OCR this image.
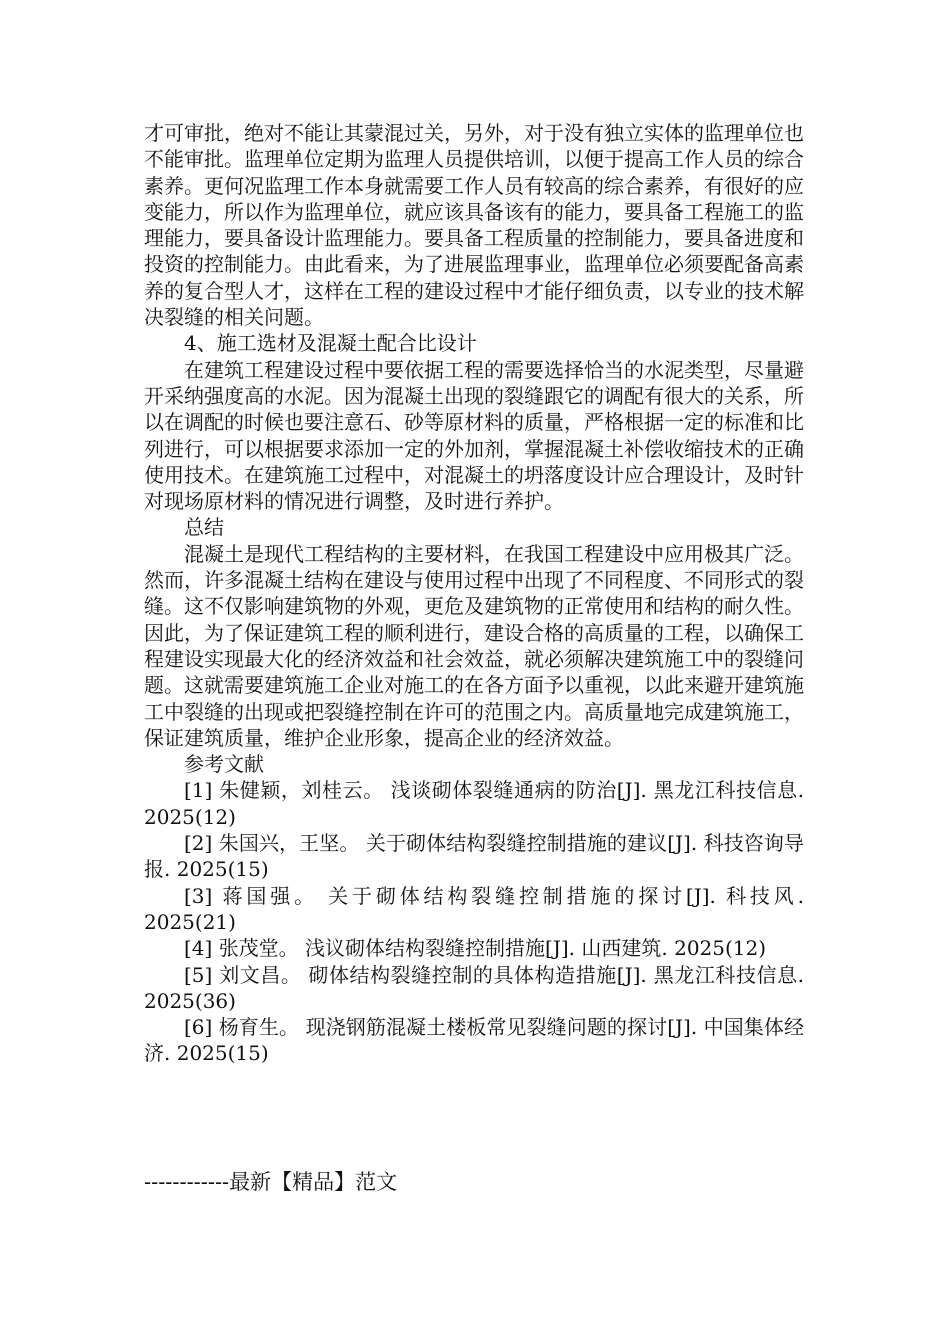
才可审批，绝对不能让其蒙混过关，另外，对于没有独立实体的监理单位也不能审批。监理单位定期为监理人员提供培训，以便于提高工作人员的综合素养。更何况监理工作本身就需要工作人员有较高的综合素养，有很好的应变能力，所以作为监理单位，就应该具备该有的能力，要具备工程施工的监理能力，要具备设计监理能力。要具备工程质量的控制能力，要具备进度和投资的控制能力。由此看来，为了进展监理事业，监理单位必须要配备高素养的复合型人才，这样在工程的建设过程中才能仔细负责，以专业的技术解决裂缝的相关问题。

4、施工选材及混凝土配合比设计

在建筑工程建设过程中要依据工程的需要选择恰当的水泥类型，尽量避开采纳强度高的水泥。因为混凝土出现的裂缝跟它的调配有很大的关系，所以在调配的时候也要注意石、砂等原材料的质量，严格根据一定的标准和比列进行，可以根据要求添加一定的外加剂，掌握混凝土补偿收缩技术的正确使用技术。在建筑施工过程中，对混凝土的坍落度设计应合理设计，及时针对现场原材料的情况进行调整，及时进行养护。

总结

混凝土是现代工程结构的主要材料，在我国工程建设中应用极其广泛。然而，许多混凝土结构在建设与使用过程中出现了不同程度、不同形式的裂缝。这不仅影响建筑物的外观，更危及建筑物的正常使用和结构的耐久性。因此，为了保证建筑工程的顺利进行，建设合格的高质量的工程，以确保工程建设实现最大化的经济效益和社会效益，就必须解决建筑施工中的裂缝问题。这就需要建筑施工企业对施工的在各方面予以重视，以此来避开建筑施工中裂缝的出现或把裂缝控制在许可的范围之内。高质量地完成建筑施工，保证建筑质量，维护企业形象，提高企业的经济效益。

参考文献

[1] 朱健颖，刘桂云。 浅谈砌体裂缝通病的防治[J]. 黑龙江科技信息. 2025(12)

[2] 朱国兴，王坚。 关于砌体结构裂缝控制措施的建议[J]. 科技咨询导报. 2025(15)

[3] 蒋国强。 关于砌体结构裂缝控制措施的探讨[J]. 科技风. 2025(21)

[4] 张茂堂。 浅议砌体结构裂缝控制措施[J]. 山西建筑. 2025(12)

[5] 刘文昌。 砌体结构裂缝控制的具体构造措施[J]. 黑龙江科技信息. 2025(36)

[6] 杨育生。 现浇钢筋混凝土楼板常见裂缝问题的探讨[J]. 中国集体经济. 2025(15)

------------最新【精品】范文
